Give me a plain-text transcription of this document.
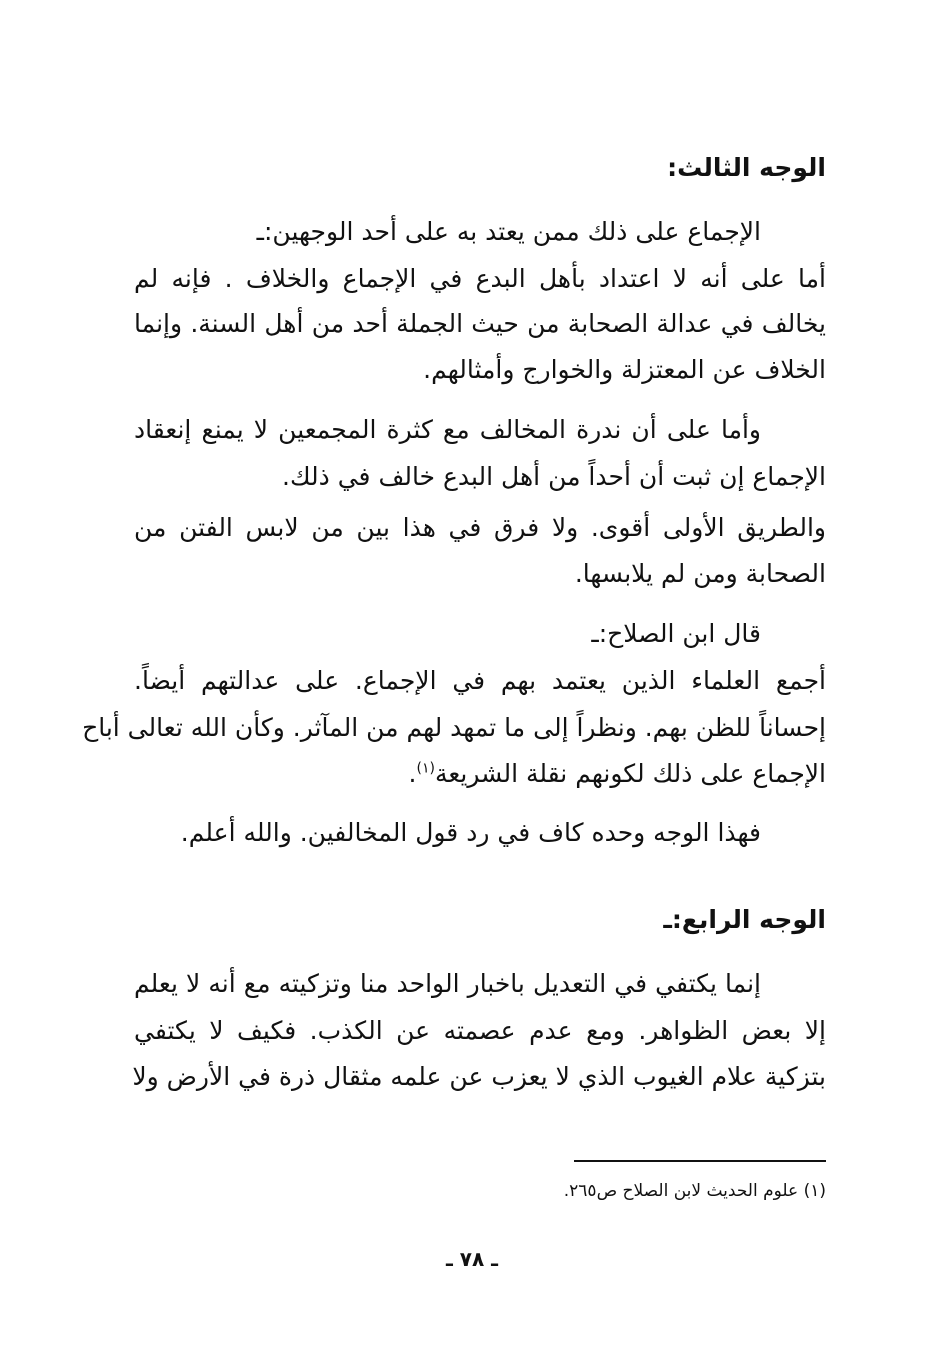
الوجه الثالث:
الإجماع على ذلك ممن يعتد به على أحد الوجهين:ـ
أما على أنه لا اعتداد بأهل البدع في الإجماع والخلاف . فإنه لم
يخالف في عدالة الصحابة من حيث الجملة أحد من أهل السنة. وإنما
الخلاف عن المعتزلة والخوارج وأمثالهم.
وأما على أن ندرة المخالف مع كثرة المجمعين لا يمنع إنعقاد
الإجماع إن ثبت أن أحداً من أهل البدع خالف في ذلك.
والطريق الأولى أقوى. ولا فرق في هذا بين من لابس الفتن من
الصحابة ومن لم يلابسها.
قال ابن الصلاح:ـ
أجمع العلماء الذين يعتمد بهم في الإجماع. على عدالتهم أيضاً.
إحساناً للظن بهم. ونظراً إلى ما تمهد لهم من المآثر. وكأن الله تعالى أباح
الإجماع على ذلك لكونهم نقلة الشريعة$^{(١)}$.
فهذا الوجه وحده كاف في رد قول المخالفين. والله أعلم.
الوجه الرابع:ـ
إنما يكتفي في التعديل باخبار الواحد منا وتزكيته مع أنه لا يعلم
إلا بعض الظواهر. ومع عدم عصمته عن الكذب. فكيف لا يكتفي
بتزكية علام الغيوب الذي لا يعزب عن علمه مثقال ذرة في الأرض ولا
(١) علوم الحديث لابن الصلاح ص٢٦٥.
ـ ٧٨ ـ
